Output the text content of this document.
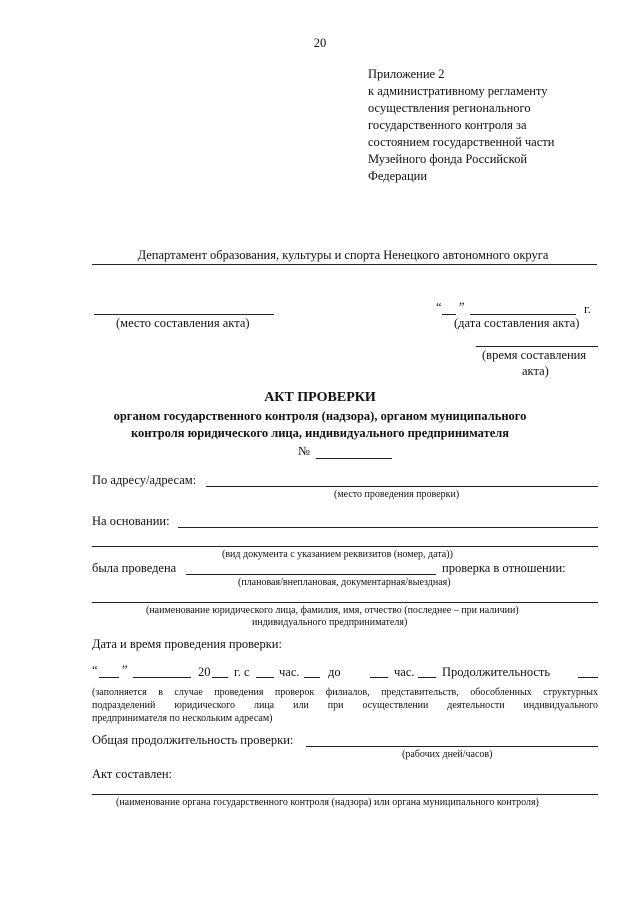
20
Приложение 2
к административному регламенту
осуществления регионального
государственного контроля за
состоянием государственной части
Музейного фонда Российской
Федерации
Департамент образования, культуры и спорта Ненецкого автономного округа
(место составления акта)
“ ”	г.
(дата составления акта)
(время составления
акта)
АКТ ПРОВЕРКИ
органом государственного контроля (надзора), органом муниципального
контроля юридического лица, индивидуального предпринимателя
№
По адресу/адресам:
(место проведения проверки)
На основании:
(вид документа с указанием реквизитов (номер, дата))
была проведена	проверка в отношении:
(плановая/внеплановая, документарная/выездная)
(наименование юридического лица, фамилия, имя, отчество (последнее – при наличии)
индивидуального предпринимателя)
Дата и время проведения проверки:
“ ”	20 г. с час. до	час. Продолжительность
(заполняется в случае проведения проверок филиалов, представительств, обособленных структурных
подразделений юридического лица или при осуществлении деятельности индивидуального
предпринимателя по нескольким адресам)
Общая продолжительность проверки:
(рабочих дней/часов)
Акт составлен:
(наименование органа государственного контроля (надзора) или органа муниципального контроля)
